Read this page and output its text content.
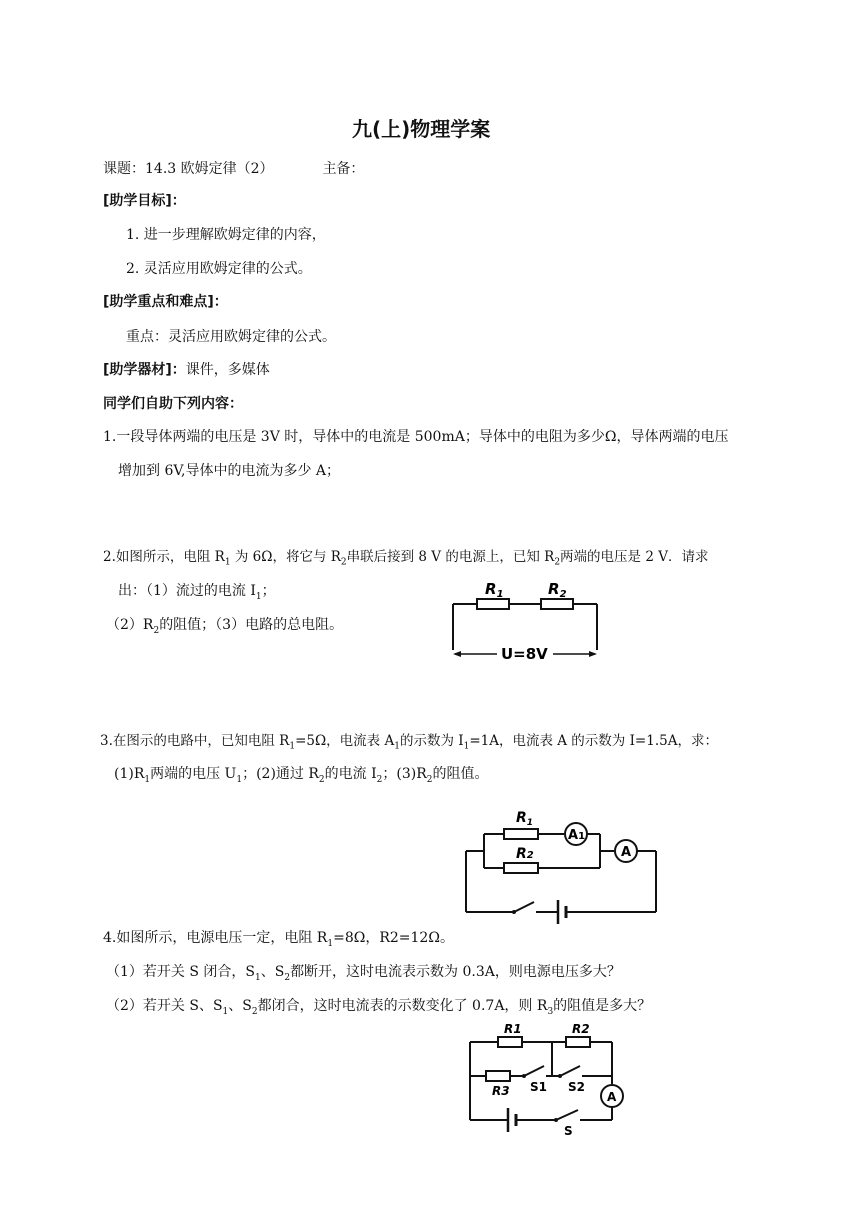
九(上)物理学案
课题：14.3 欧姆定律（2）	主备：
[助学目标]：
1. 进一步理解欧姆定律的内容，
2. 灵活应用欧姆定律的公式。
[助学重点和难点]：
重点：灵活应用欧姆定律的公式。
[助学器材]：课件，多媒体
同学们自助下列内容：
1.一段导体两端的电压是 3V 时，导体中的电流是 500mA；导体中的电阻为多少Ω，导体两端的电压
增加到 6V,导体中的电流为多少 A；
2.如图所示，电阻 $R_1$ 为 6Ω，将它与 $R_2$串联后接到 8 V 的电源上，已知 $R_2$两端的电压是 2 V．请求
出：（1）流过的电流 $I_1$；
$(2)R_2$的阻值；（3）电路的总电阻。
$R_1$	$R_2$
U=8V
3.在图示的电路中，已知电阻 $R_1=5\Omega$，电流表 $A_1$的示数为 $I_1=1A$，电流表 A 的示数为 I=1.5A，求：
$(1)R_1$两端的电压 $U_1$；(2)通过 $R_2$的电流 $I_2$；$(3)R_2$的阻值。
$R_1$
R2
A1
A
4.如图所示，电源电压一定，电阻 $R_1=8\Omega$，R2=12Ω。
（1）若开关 S 闭合，$S_1$、$S_2$都断开，这时电流表示数为 0.3A，则电源电压多大？
（2）若开关 S、$S_1$、$S_2$都闭合，这时电流表的示数变化了 0.7A，则 $R_3$的阻值是多大？
R1	R2
R3 S1 S2
S
A
